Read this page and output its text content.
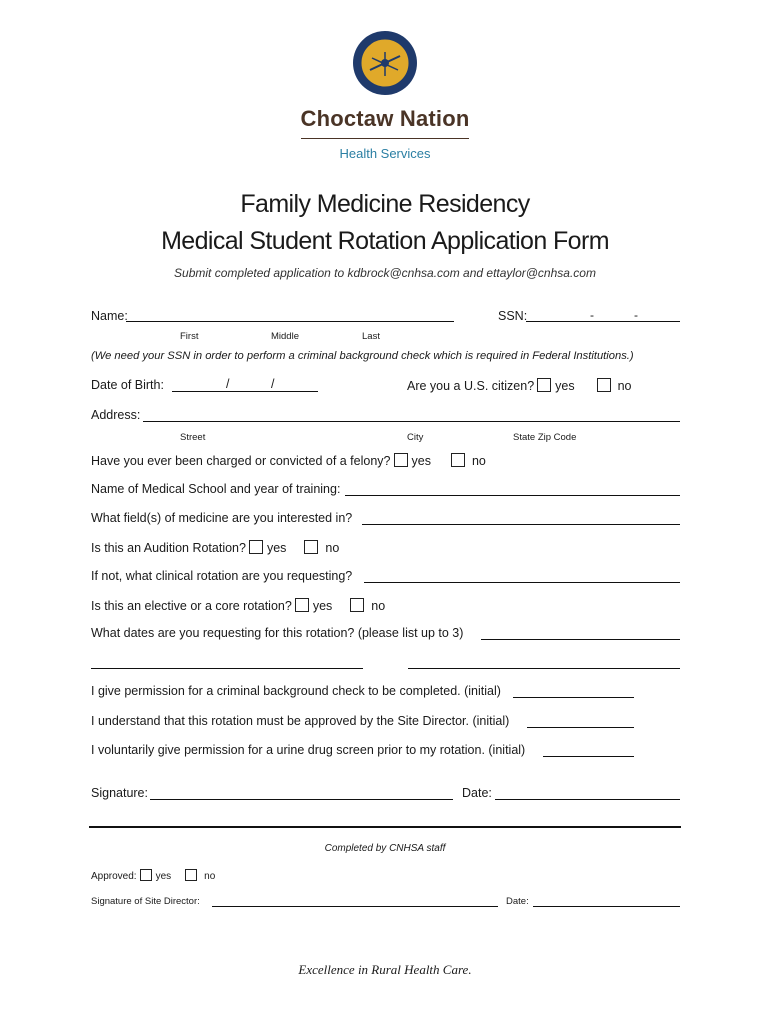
Choctaw Nation
Health Services
Family Medicine Residency
Medical Student Rotation Application Form
Submit completed application to kdbrock@cnhsa.com and ettaylor@cnhsa.com
Name:	SSN:	-	-
First	Middle	Last
(We need your SSN in order to perform a criminal background check which is required in Federal Institutions.)
Date of Birth:	/	/	Are you a U.S. citizen? yes	no
Address:
Street	City	State Zip Code
Have you ever been charged or convicted of a felony? yes	no
Name of Medical School and year of training:
What field(s) of medicine are you interested in?
Is this an Audition Rotation? yes	no
If not, what clinical rotation are you requesting?
Is this an elective or a core rotation? yes	no
What dates are you requesting for this rotation? (please list up to 3)
I give permission for a criminal background check to be completed. (initial)
I understand that this rotation must be approved by the Site Director. (initial)
I voluntarily give permission for a urine drug screen prior to my rotation. (initial)
Signature:	Date:
Completed by CNHSA staff
Approved: yes	no
Signature of Site Director:	Date:
Excellence in Rural Health Care.
